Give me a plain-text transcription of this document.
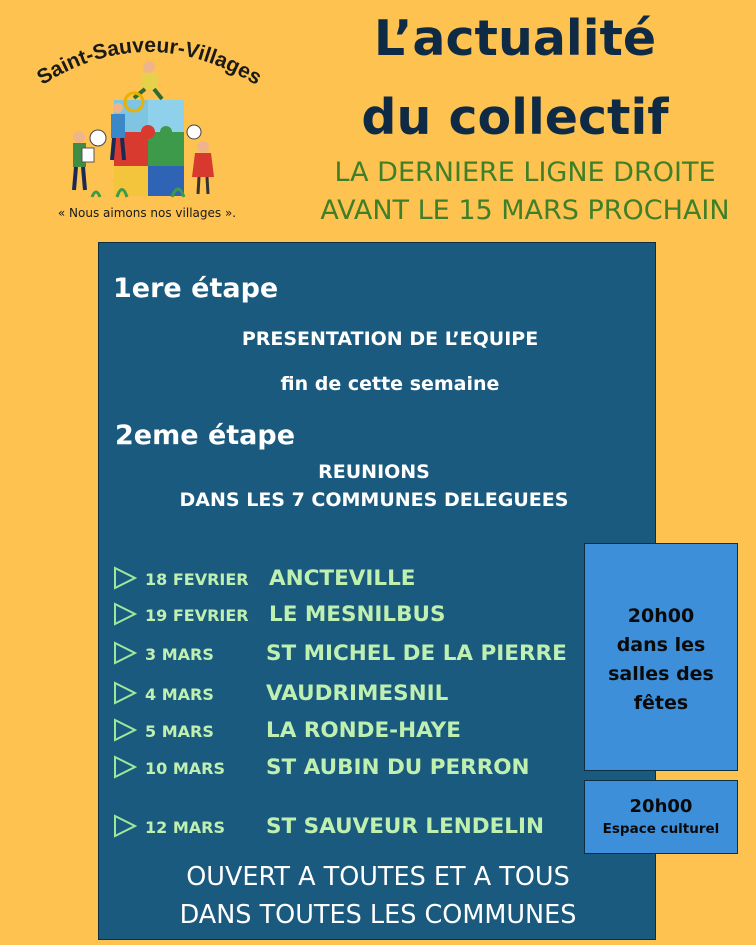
Saint-Sauveur-Villages
« Nous aimons nos villages ».
L’actualité
du collectif
LA DERNIERE LIGNE DROITE
AVANT LE 15 MARS PROCHAIN
1ere étape
PRESENTATION DE L’EQUIPE
fin de cette semaine
2eme étape
REUNIONS
DANS LES 7 COMMUNES DELEGUEES
18 FEVRIER ANCTEVILLE
19 FEVRIER LE MESNILBUS
3 MARS ST MICHEL DE LA PIERRE
4 MARS VAUDRIMESNIL
5 MARS LA RONDE-HAYE
10 MARS ST AUBIN DU PERRON
12 MARS ST SAUVEUR LENDELIN
OUVERT A TOUTES ET A TOUS
DANS TOUTES LES COMMUNES
20h00
dans les
salles des
fêtes
20h00
Espace culturel
